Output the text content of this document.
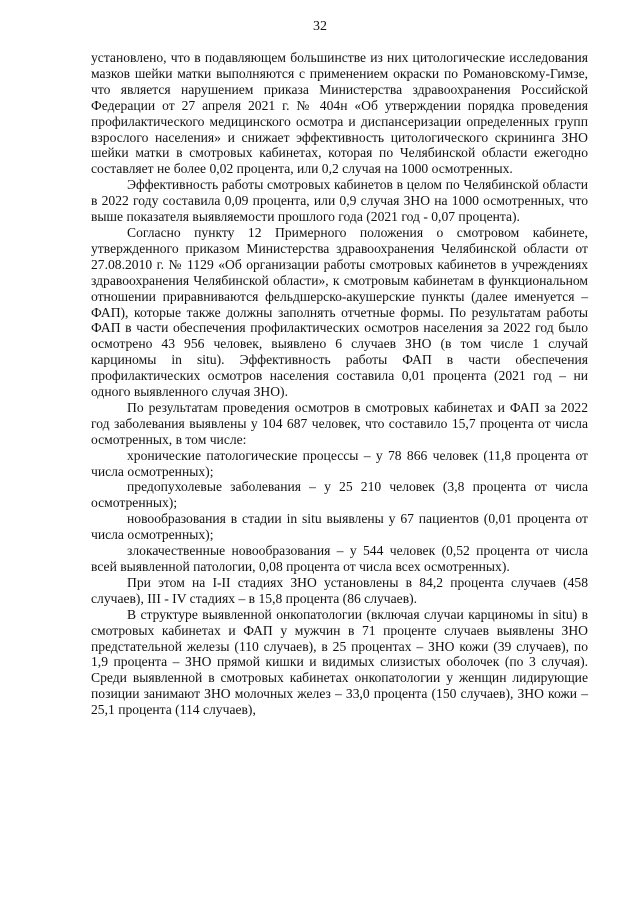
32

установлено, что в подавляющем большинстве из них цитологические исследования мазков шейки матки выполняются с применением окраски по Романовскому-Гимзе, что является нарушением приказа Министерства здравоохранения Российской Федерации от 27 апреля 2021 г. № 404н «Об утверждении порядка проведения профилактического медицинского осмотра и диспансеризации определенных групп взрослого населения» и снижает эффективность цитологического скрининга ЗНО шейки матки в смотровых кабинетах, которая по Челябинской области ежегодно составляет не более 0,02 процента, или 0,2 случая на 1000 осмотренных.

Эффективность работы смотровых кабинетов в целом по Челябинской области в 2022 году составила 0,09 процента, или 0,9 случая ЗНО на 1000 осмотренных, что выше показателя выявляемости прошлого года (2021 год - 0,07 процента).

Согласно пункту 12 Примерного положения о смотровом кабинете, утвержденного приказом Министерства здравоохранения Челябинской области от 27.08.2010 г. № 1129 «Об организации работы смотровых кабинетов в учреждениях здравоохранения Челябинской области», к смотровым кабинетам в функциональном отношении приравниваются фельдшерско-акушерские пункты (далее именуется – ФАП), которые также должны заполнять отчетные формы. По результатам работы ФАП в части обеспечения профилактических осмотров населения за 2022 год было осмотрено 43 956 человек, выявлено 6 случаев ЗНО (в том числе 1 случай карциномы in situ). Эффективность работы ФАП в части обеспечения профилактических осмотров населения составила 0,01 процента (2021 год – ни одного выявленного случая ЗНО).

По результатам проведения осмотров в смотровых кабинетах и ФАП за 2022 год заболевания выявлены у 104 687 человек, что составило 15,7 процента от числа осмотренных, в том числе:

хронические патологические процессы – у 78 866 человек (11,8 процента от числа осмотренных);

предопухолевые заболевания – у 25 210 человек (3,8 процента от числа осмотренных);

новообразования в стадии in situ выявлены у 67 пациентов (0,01 процента от числа осмотренных);

злокачественные новообразования – у 544 человек (0,52 процента от числа всей выявленной патологии, 0,08 процента от числа всех осмотренных).

При этом на I-II стадиях ЗНО установлены в 84,2 процента случаев (458 случаев), III - IV стадиях – в 15,8 процента (86 случаев).

В структуре выявленной онкопатологии (включая случаи карциномы in situ) в смотровых кабинетах и ФАП у мужчин в 71 проценте случаев выявлены ЗНО предстательной железы (110 случаев), в 25 процентах – ЗНО кожи (39 случаев), по 1,9 процента – ЗНО прямой кишки и видимых слизистых оболочек (по 3 случая). Среди выявленной в смотровых кабинетах онкопатологии у женщин лидирующие позиции занимают ЗНО молочных желез – 33,0 процента (150 случаев), ЗНО кожи – 25,1 процента (114 случаев),
